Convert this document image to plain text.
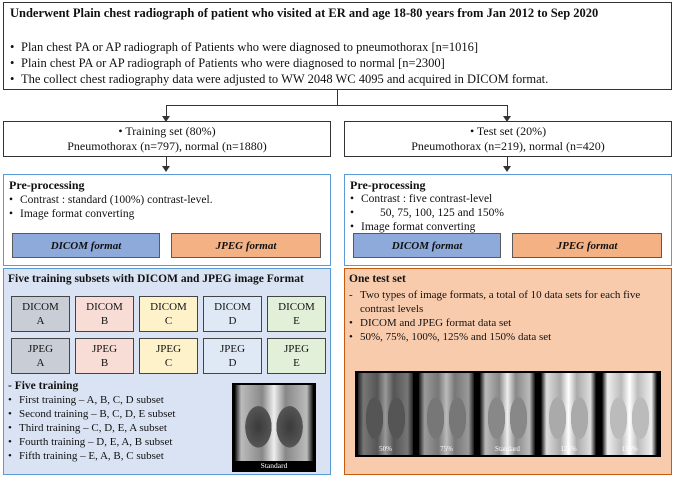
Underwent Plain chest radiograph of patient who visited at ER and age 18-80 years from Jan 2012 to Sep 2020
• Plan chest PA or AP radiograph of Patients who were diagnosed to pneumothorax [n=1016]
• Plain chest PA or AP radiograph of Patients who were diagnosed to normal [n=2300]
• The collect chest radiography data were adjusted to WW 2048 WC 4095 and acquired in DICOM format.
• Training set (80%)
Pneumothorax (n=797), normal (n=1880)
• Test set (20%)
Pneumothorax (n=219), normal (n=420)
Pre-processing
• Contrast : standard (100%) contrast-level.
• Image format converting
DICOM format	JPEG format
Pre-processing
• Contrast : five contrast-level
• 50, 75, 100, 125 and 150%
• Image format converting
DICOM format	JPEG format
Five training subsets with DICOM and JPEG image Format
DICOM
A
DICOM
B
DICOM
C
DICOM
D
DICOM
E
JPEG
A
JPEG
B
JPEG
C
JPEG
D
JPEG
E
- Five training
• First training – A, B, C, D subset
• Second training – B, C, D, E subset
• Third training – C, D, E, A subset
• Fourth training – D, E, A, B subset
• Fifth training – E, A, B, C subset
Standard
One test set
- Two types of image formats, a total of 10 data sets for each five contrast levels
• DICOM and JPEG format data set
• 50%, 75%, 100%, 125% and 150% data set
50%	75%	Standard	125%	150%
